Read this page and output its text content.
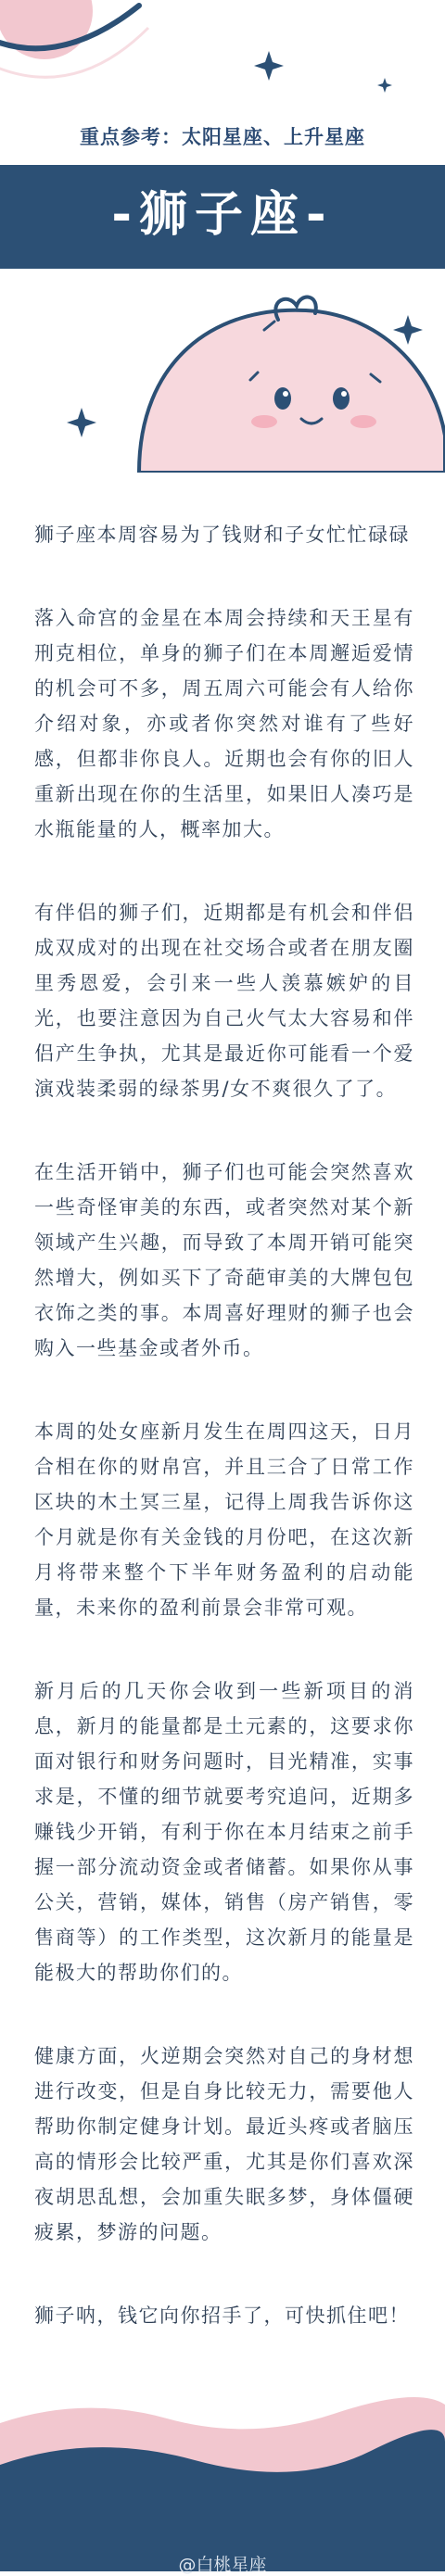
重点参考：太阳星座、上升星座
-狮子座-

狮子座本周容易为了钱财和子女忙忙碌碌

落入命宫的金星在本周会持续和天王星有刑克相位，单身的狮子们在本周邂逅爱情的机会可不多，周五周六可能会有人给你介绍对象，亦或者你突然对谁有了些好感，但都非你良人。近期也会有你的旧人重新出现在你的生活里，如果旧人凑巧是水瓶能量的人，概率加大。

有伴侣的狮子们，近期都是有机会和伴侣成双成对的出现在社交场合或者在朋友圈里秀恩爱，会引来一些人羡慕嫉妒的目光，也要注意因为自己火气太大容易和伴侣产生争执，尤其是最近你可能看一个爱演戏装柔弱的绿茶男/女不爽很久了了。

在生活开销中，狮子们也可能会突然喜欢一些奇怪审美的东西，或者突然对某个新领域产生兴趣，而导致了本周开销可能突然增大，例如买下了奇葩审美的大牌包包衣饰之类的事。本周喜好理财的狮子也会购入一些基金或者外币。

本周的处女座新月发生在周四这天，日月合相在你的财帛宫，并且三合了日常工作区块的木土冥三星，记得上周我告诉你这个月就是你有关金钱的月份吧，在这次新月将带来整个下半年财务盈利的启动能量，未来你的盈利前景会非常可观。

新月后的几天你会收到一些新项目的消息，新月的能量都是土元素的，这要求你面对银行和财务问题时，目光精准，实事求是，不懂的细节就要考究追问，近期多赚钱少开销，有利于你在本月结束之前手握一部分流动资金或者储蓄。如果你从事公关，营销，媒体，销售（房产销售，零售商等）的工作类型，这次新月的能量是能极大的帮助你们的。

健康方面，火逆期会突然对自己的身材想进行改变，但是自身比较无力，需要他人帮助你制定健身计划。最近头疼或者脑压高的情形会比较严重，尤其是你们喜欢深夜胡思乱想，会加重失眠多梦，身体僵硬疲累，梦游的问题。

狮子呐，钱它向你招手了，可快抓住吧！

@白桃星座
